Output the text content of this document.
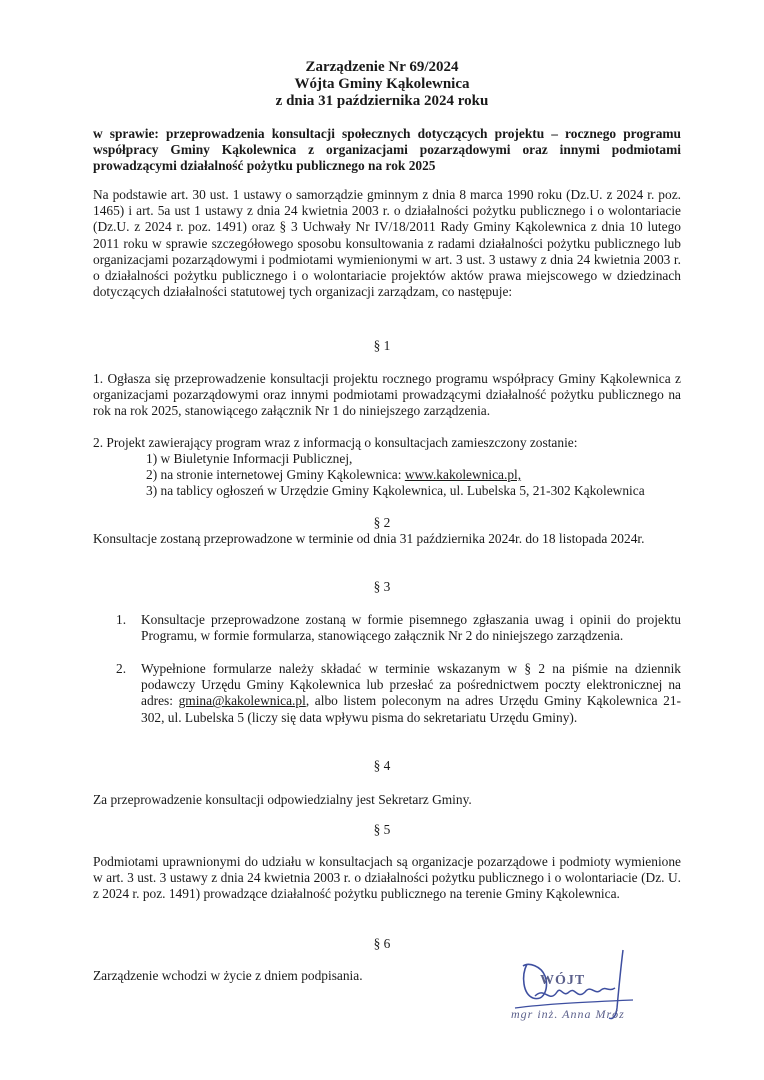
Zarządzenie Nr 69/2024
Wójta Gminy Kąkolewnica
z dnia 31 października 2024 roku
w sprawie: przeprowadzenia konsultacji społecznych dotyczących projektu – rocznego programu współpracy Gminy Kąkolewnica z organizacjami pozarządowymi oraz innymi podmiotami prowadzącymi działalność pożytku publicznego na rok 2025
Na podstawie art. 30 ust. 1 ustawy o samorządzie gminnym z dnia 8 marca 1990 roku (Dz.U. z 2024 r. poz. 1465) i art. 5a ust 1 ustawy z dnia 24 kwietnia 2003 r. o działalności pożytku publicznego i o wolontariacie (Dz.U. z 2024 r. poz. 1491) oraz § 3 Uchwały Nr IV/18/2011 Rady Gminy Kąkolewnica z dnia 10 lutego 2011 roku w sprawie szczegółowego sposobu konsultowania z radami działalności pożytku publicznego lub organizacjami pozarządowymi i podmiotami wymienionymi w art. 3 ust. 3 ustawy z dnia 24 kwietnia 2003 r. o działalności pożytku publicznego i o wolontariacie projektów aktów prawa miejscowego w dziedzinach dotyczących działalności statutowej tych organizacji zarządzam, co następuje:
§ 1
1. Ogłasza się przeprowadzenie konsultacji projektu rocznego programu współpracy Gminy Kąkolewnica z organizacjami pozarządowymi oraz innymi podmiotami prowadzącymi działalność pożytku publicznego na rok na rok 2025, stanowiącego załącznik Nr 1 do niniejszego zarządzenia.
2. Projekt zawierający program wraz z informacją o konsultacjach zamieszczony zostanie:
1) w Biuletynie Informacji Publicznej,
2) na stronie internetowej Gminy Kąkolewnica: www.kakolewnica.pl,
3) na tablicy ogłoszeń w Urzędzie Gminy Kąkolewnica, ul. Lubelska 5, 21-302 Kąkolewnica
§ 2
Konsultacje zostaną przeprowadzone w terminie od dnia 31 października 2024r. do 18 listopada 2024r.
§ 3
1. Konsultacje przeprowadzone zostaną w formie pisemnego zgłaszania uwag i opinii do projektu Programu, w formie formularza, stanowiącego załącznik Nr 2 do niniejszego zarządzenia.
2. Wypełnione formularze należy składać w terminie wskazanym w § 2 na piśmie na dziennik podawczy Urzędu Gminy Kąkolewnica lub przesłać za pośrednictwem poczty elektronicznej na adres: gmina@kakolewnica.pl, albo listem poleconym na adres Urzędu Gminy Kąkolewnica 21-302, ul. Lubelska 5 (liczy się data wpływu pisma do sekretariatu Urzędu Gminy).
§ 4
Za przeprowadzenie konsultacji odpowiedzialny jest Sekretarz Gminy.
§ 5
Podmiotami uprawnionymi do udziału w konsultacjach są organizacje pozarządowe i podmioty wymienione w art. 3 ust. 3 ustawy z dnia 24 kwietnia 2003 r. o działalności pożytku publicznego i o wolontariacie (Dz. U. z 2024 r. poz. 1491) prowadzące działalność pożytku publicznego na terenie Gminy Kąkolewnica.
§ 6
Zarządzenie wchodzi w życie z dniem podpisania.	WÓJT
mgr inż. Anna Mróz
